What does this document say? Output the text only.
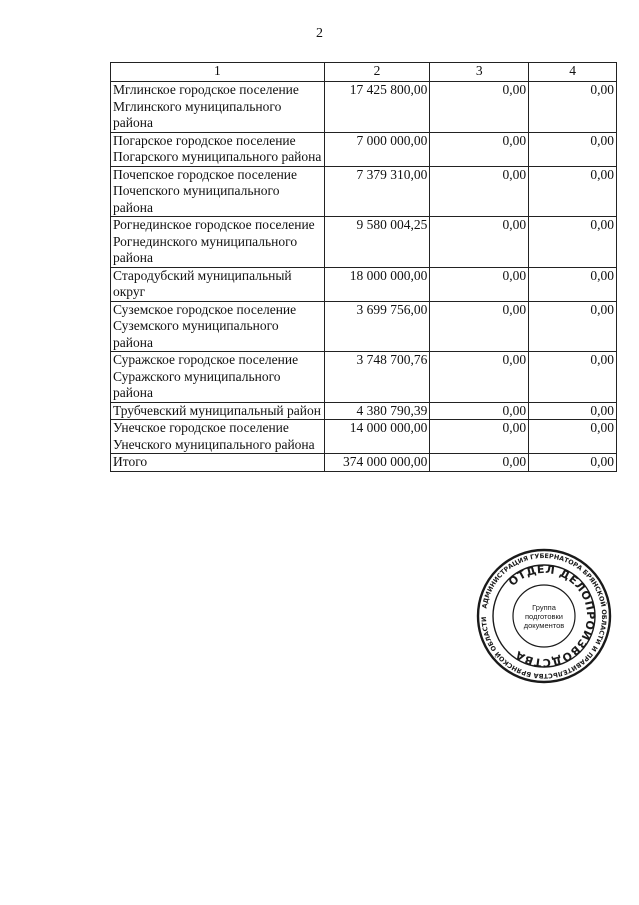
2
1	2	3	4
Мглинское городское поселение Мглинского муниципального района	17 425 800,00	0,00	0,00
Погарское городское поселение Погарского муниципального района	7 000 000,00	0,00	0,00
Почепское городское поселение Почепского муниципального района	7 379 310,00	0,00	0,00
Рогнединское городское поселение Рогнединского муниципального района	9 580 004,25	0,00	0,00
Стародубский муниципальный округ	18 000 000,00	0,00	0,00
Суземское городское поселение Суземского муниципального района	3 699 756,00	0,00	0,00
Суражское городское поселение Суражского муниципального района	3 748 700,76	0,00	0,00
Трубчевский муниципальный район	4 380 790,39	0,00	0,00
Унечское городское поселение Унечского муниципального района	14 000 000,00	0,00	0,00
Итого	374 000 000,00	0,00	0,00
АДМИНИСТРАЦИЯ ГУБЕРНАТОРА БРЯНСКОЙ ОБЛАСТИ И ПРАВИТЕЛЬСТВА БРЯНСКОЙ ОБЛАСТИ
ОТДЕЛ ДЕЛОПРОИЗВОДСТВА
Группа
подготовки
документов
